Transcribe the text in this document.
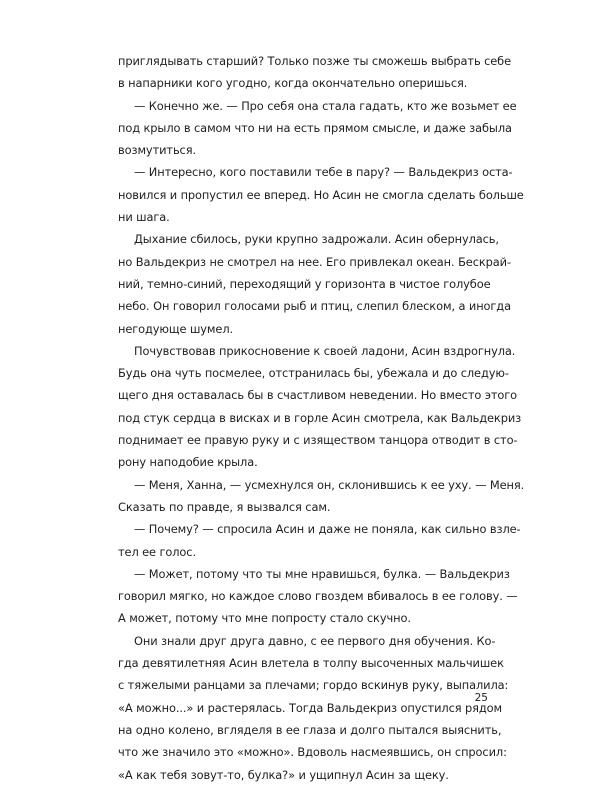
приглядывать старший? Только позже ты сможешь выбрать себе
в напарники кого угодно, когда окончательно оперишься.
— Конечно же. — Про себя она стала гадать, кто же возьмет ее
под крыло в самом что ни на есть прямом смысле, и даже забыла
возмутиться.
— Интересно, кого поставили тебе в пару? — Вальдекриз оста-
новился и пропустил ее вперед. Но Асин не смогла сделать больше
ни шага.
Дыхание сбилось, руки крупно задрожали. Асин обернулась,
но Вальдекриз не смотрел на нее. Его привлекал океан. Бескрай-
ний, темно-синий, переходящий у горизонта в чистое голубое
небо. Он говорил голосами рыб и птиц, слепил блеском, а иногда
негодующе шумел.
Почувствовав прикосновение к своей ладони, Асин вздрогнула.
Будь она чуть посмелее, отстранилась бы, убежала и до следую-
щего дня оставалась бы в счастливом неведении. Но вместо этого
под стук сердца в висках и в горле Асин смотрела, как Вальдекриз
поднимает ее правую руку и с изяществом танцора отводит в сто-
рону наподобие крыла.
— Меня, Ханна, — усмехнулся он, склонившись к ее уху. — Меня.
Сказать по правде, я вызвался сам.
— Почему? — спросила Асин и даже не поняла, как сильно взле-
тел ее голос.
— Может, потому что ты мне нравишься, булка. — Вальдекриз
говорил мягко, но каждое слово гвоздем вбивалось в ее голову. —
А может, потому что мне попросту стало скучно.
Они знали друг друга давно, с ее первого дня обучения. Ко-
гда девятилетняя Асин влетела в толпу высоченных мальчишек
с тяжелыми ранцами за плечами; гордо вскинув руку, выпалила:
«А можно...» и растерялась. Тогда Вальдекриз опустился рядом
на одно колено, вгляделя в ее глаза и долго пытался выяснить,
что же значило это «можно». Вдоволь насмеявшись, он спросил:
«А как тебя зовут-то, булка?» и ущипнул Асин за щеку.
25
